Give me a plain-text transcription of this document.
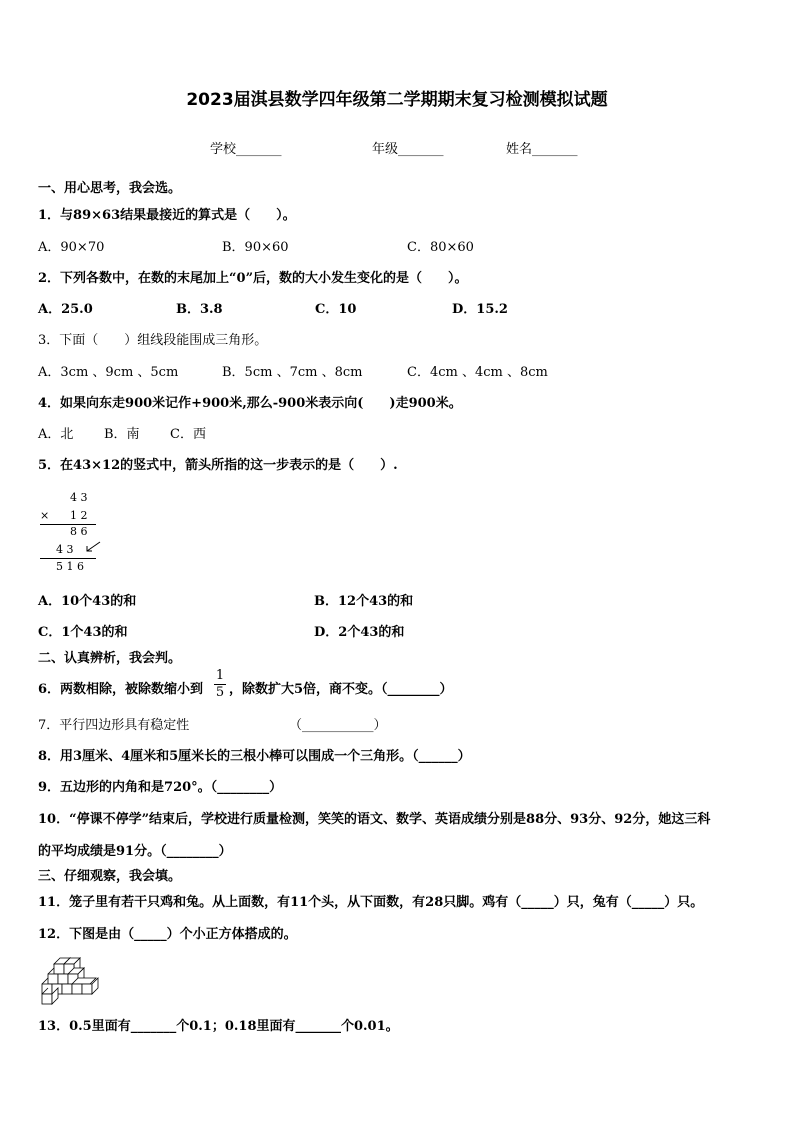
2023届淇县数学四年级第二学期期末复习检测模拟试题
学校_______	年级_______	姓名_______
一、用心思考，我会选。
1．与89×63结果最接近的算式是（　　）。
A．90×70	B．90×60	C．80×60
2．下列各数中，在数的末尾加上“0”后，数的大小发生变化的是（　　）。
A．25.0	B．3.8	C．10	D．15.2
3．下面（　　）组线段能围成三角形。
A．3cm 、9cm 、5cm	B．5cm 、7cm 、8cm	C．4cm 、4cm 、8cm
4．如果向东走900米记作+900米,那么-900米表示向(　　)走900米。
A．北 B．南 C．西
5．在43×12的竖式中，箭头所指的这一步表示的是（　　）.
4 3
× 1 2
8 6
4 3
5 1 6
A．10个43的和	B．12个43的和
C．1个43的和	D．2个43的和
二、认真辨析，我会判。
6．两数相除，被除数缩小到
1
5 ，除数扩大5倍，商不变。（________）
7．平行四边形具有稳定性	（___________）
8．用3厘米、4厘米和5厘米长的三根小棒可以围成一个三角形。（______）
9．五边形的内角和是720°。（________）
10．“停课不停学”结束后，学校进行质量检测，笑笑的语文、数学、英语成绩分别是88分、93分、92分，她这三科
的平均成绩是91分。（________）
三、仔细观察，我会填。
11．笼子里有若干只鸡和兔。从上面数，有11个头，从下面数，有28只脚。鸡有（_____）只，兔有（_____）只。
12．下图是由（_____）个小正方体搭成的。
13．0.5里面有_______个0.1；0.18里面有_______个0.01。
